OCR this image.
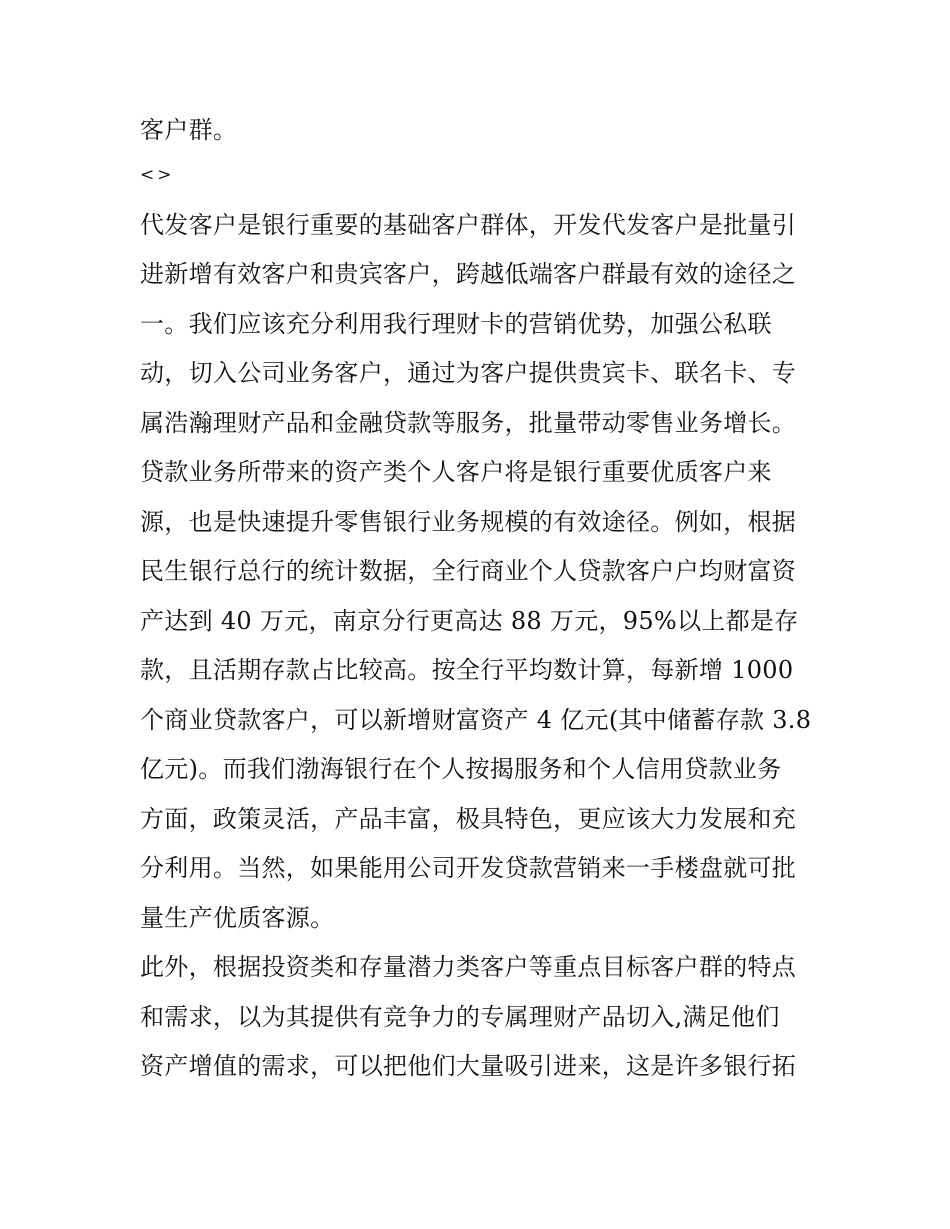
客户群。
<>
代发客户是银行重要的基础客户群体，开发代发客户是批量引
进新增有效客户和贵宾客户，跨越低端客户群最有效的途径之
一。我们应该充分利用我行理财卡的营销优势，加强公私联
动，切入公司业务客户，通过为客户提供贵宾卡、联名卡、专
属浩瀚理财产品和金融贷款等服务，批量带动零售业务增长。
贷款业务所带来的资产类个人客户将是银行重要优质客户来
源，也是快速提升零售银行业务规模的有效途径。例如，根据
民生银行总行的统计数据，全行商业个人贷款客户户均财富资
产达到 40 万元，南京分行更高达 88 万元，95%以上都是存
款，且活期存款占比较高。按全行平均数计算，每新增 1000
个商业贷款客户，可以新增财富资产 4 亿元(其中储蓄存款 3.8
亿元)。而我们渤海银行在个人按揭服务和个人信用贷款业务
方面，政策灵活，产品丰富，极具特色，更应该大力发展和充
分利用。当然，如果能用公司开发贷款营销来一手楼盘就可批
量生产优质客源。
此外，根据投资类和存量潜力类客户等重点目标客户群的特点
和需求，以为其提供有竞争力的专属理财产品切入,满足他们
资产增值的需求，可以把他们大量吸引进来，这是许多银行拓
